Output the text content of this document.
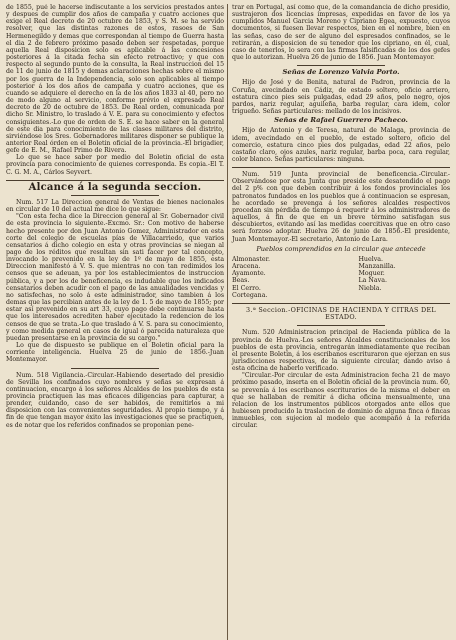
de 1855, pué le hacerse indiscutante a los servicios prestados antes y despues de cumplir dos años de campaña y cuatro acciones que exige el Real decreto de 20 octubre de 1853, y S. M. se ha servido resolver, que las distintas razones de estos, rasoes de San Hermenegildo y demas que correspondan al tiempo de Guerra hasta el dia 2 de febrero próximo pasado deben ser respetadas, porque aquella Real disposicion solo es aplicable á las concesiones posteriores á la citada fecha sin efecto retroactivo; y que con respecto al segundo punto de la consulta, la Real instruccion del 15 de 11 de junio de 1815 y demas aclaraciones hechas sobre el mismo por los guerra de la Independencia, solo son aplicables al tiempo posterior á los dos años de campaña y cuatro acciones, que es cuando se adquiere el derecho en la de los años 1833 al 40, pero no de modo alguno al servicio, conforme prévio el expresado Real decreto de 20 de octubre de 1853. De Real orden, comunicada por dicho Sr. Ministro, lo traslado á V. E. para su conocimiento y efectos consiguientes.-Lo que de orden de S. E. se hace saber en la general de este dia para conocimiento de las clases militares del distrito, sirviéndose los Sres. Gobernadores militares disponer se publique la anterior Real órden en el Boletin oficial de la provincia.-El brigadier, gefe de E. M., Rafael Primo de Rivera.

Lo que se hace saber por medio del Boletin oficial de esta provincia para conocimiento de quienes corresponda. Es copia.-El T. C. G. M. A., Cárlos Seyvert.

Alcance á la segunda seccion.

Num. 517 La Direccion general de Ventas de bienes nacionales en circular de 10 del actual me dice lo que sigue:

"Con esta fecha dice la Direccion general al Sr. Gobernador civil de esta provincia lo siguiente.-Excmo. Sr.: Con motivo de haberse hecho presente por don Juan Antonio Gomez, Administrador en esta corte del colegio de escuelas pías de Villacarriedo, que varios censatarios á dicho colegio en esta y otras provincias se niegan al pago de los réditos que resultan sin sati facer por tal concepto, invocando lo prevenido en la ley de 1º de mayo de 1855, esta Direccion manifestó á V. S. que mientras no con tan redimidos los censos que se adeuan, ya por los establecimientos de instruccion pública, y a por los de beneficencia, es indudable que los indicados censatarios deben acudir con el pago de las anualidades vencidas y no satisfechas, no solo á este administrador, sino tambien á los demas que las percibian antes de la ley de 1. 5 de mayo de 1855; por estar así prevenido en su art 33, cuyo pago debe continuarse hasta que los interesados acrediten haber ejecutado la redencion de los censos de que se trata.-Lo que traslado á V. S. para su conocimiento, y como medida general en casos de igual ó parecida naturaleza que puedan presentarse en la provincia de su cargo."

Lo que de dispuesto se publique en el Boletin oficial para la corriente inteligencia. Huelva 25 de junio de 1856.-Juan Montemayor.

Num. 518 Vigilancia.-Circular.-Habiendo desertado del presidio de Sevilla los confinados cuyo nombres y señas se expresan á continuacion, encargo á los señores Alcaldes de los pueblos de esta provincia practiquen las mas eficaces diligencias para capturar, a prender, cuidando, caso de ser habidos, de remitirlos a mi disposicion con las convenientes seguridades. Al propio tiempo, y á fin de que tengan mayor éxito las investigaciones que se practiquen, es de notar que los referidos confinados se proponian pene-

trar en Portugal, así como que, de la comandancia de dicho presidio, sustrajeron dos licencias impresas, expedidas en favor de los ya cumplidos Manuel Garcia Moreno y Cipriano Egea, expuesto, cuyos documentos, si fuesen llevar respectos, bien en el nombre, bien en las señas, caso de ser de alguno del espresados confinados, se le retirarán, a disposicion de su tenedor que los cipriano, en él, cual, caso de tenerlos, lo sera con las firmas falsificadas de los dos gefes que lo autorizan. Huelva 26 de junio de 1856. Juan Montemayor.

Señas de Lorenzo Valvia Porto.

Hijo de José y de Benita, natural de Padron, provincia de la Coruña, avecindado en Cádiz, de estado soltero, oficio arriero, estatura cinco pies seis pulgadas, edad 29 años, pelo negro, ojos pardos, nariz regular, aguileña, barba regular, cara idem, color trigueño. Señas particulares: mellado de los incisivos.

Señas de Rafael Guerrero Pacheco.

Hijo de Antonio y de Teresa, natural de Malaga, provincia de idem, avecindado en el pueblo, de estado soltero, oficio del comercio, estatura cinco pies dos pulgadas, edad 22 años, pelo castaño claro, ojos azules, nariz regular, barba poca, cara regular, color blanco. Señas particulares: ninguna.

Num. 519 Junta provincial de beneficencia.-Circular.-Observándose por esta Junta que preside este desatendido el pago del 2 p% con que deben contribuir á los fondos provinciales los patronatos fundados en los pueblos que á continuacion se espresan, he acordado se prevenga á los señores alcaldes respectivos procedan sin pérdida de tiempo á requerir á los administradores de aquellos, á fin de que en un breve término satisfagan sus descubiertos, evitando así las medidas coercitivas que en otro caso será forzoso adoptar. Huelva 26 de junio de 1856.-El presidente, Juan Montemayor.-El secretario, Antonio de Lara.

Pueblos comprendidos en la circular que antecede
Almonaster.	Huelva.
Aracena.	Manzanilla.
Ayamonte.	Moguer.
Beas.	La Nava.
El Cerro.	Niebla.
Cortegana.	
3.ª Seccion.-OFICINAS DE HACIENDA Y CITRAS DEL ESTADO.

Num. 520 Administracion principal de Hacienda pública de la provincia de Huelva.-Los señores Alcaldes constitucionales de los pueblos de esta provincia, entregarán inmediatamente que reciban el presente Boletin, á los escribanos escrituraron que ejerzan en sus jurisdicciones respectivas, de la siguiente circular, dando aviso á esta oficina de haberlo verificado.

"Circular.-Por circular de esta Administracion fecha 21 de mayo próximo pasado, inserta en el Boletin oficial de la provincia num. 60, se prevenía á los escribanos escriturarios de la misma el deber en que se hallaban de remitir á dicha oficina mensualmente, una relacion de los instrumentos públicos otorgados ante ellos que hubiesen producido la traslacion de dominio de alguna finca ó fincas inmuebles, con sujecion al modelo que acompañó á la referida circular.
